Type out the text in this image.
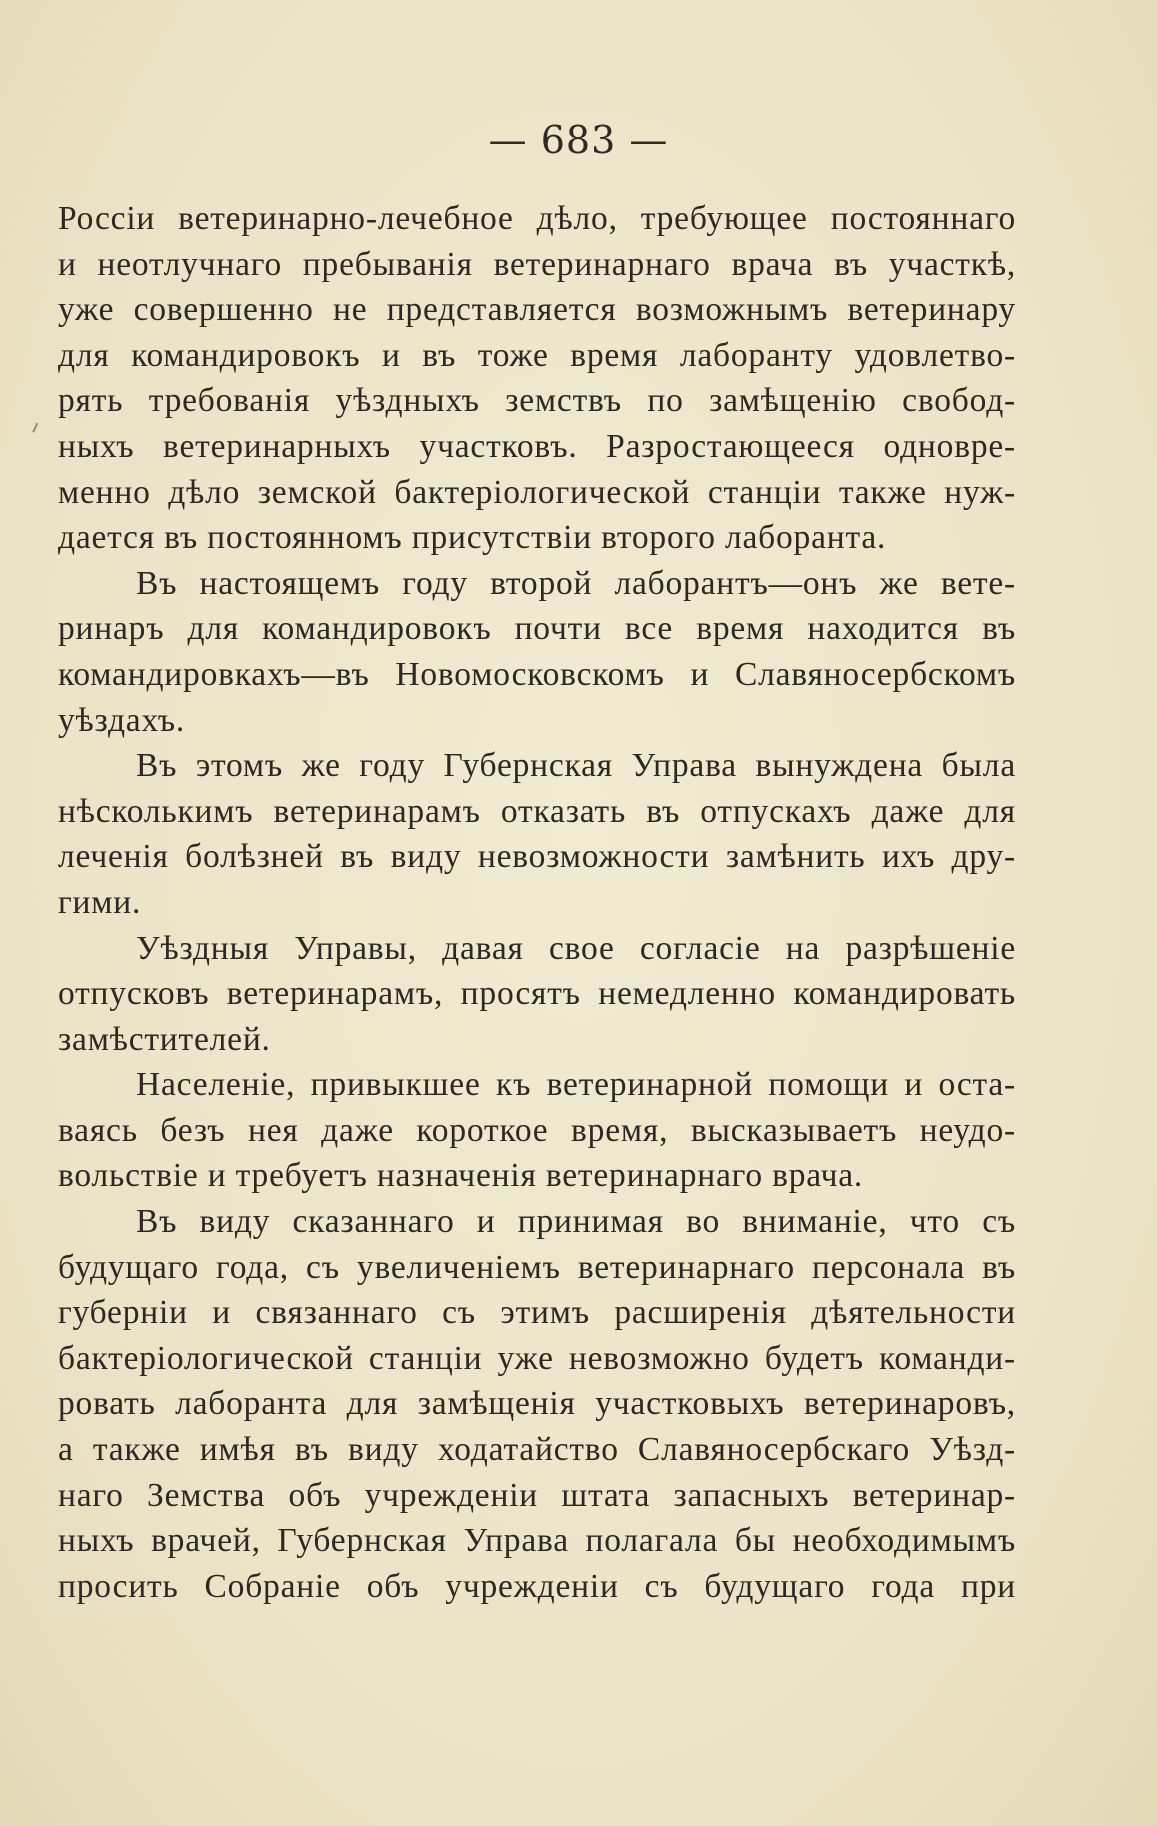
— 683 —
Россіи ветеринарно-лечебное дѣло, требующее постояннаго
и неотлучнаго пребыванія ветеринарнаго врача въ участкѣ,
уже совершенно не представляется возможнымъ ветеринару
для командировокъ и въ тоже время лаборанту удовлетво-
рять требованія уѣздныхъ земствъ по замѣщенію свобод-
ныхъ ветеринарныхъ участковъ. Разростающееся одновре-
менно дѣло земской бактеріологической станціи также нуж-
дается въ постоянномъ присутствіи второго лаборанта.
Въ настоящемъ году второй лаборантъ—онъ же вете-
ринаръ для командировокъ почти все время находится въ
командировкахъ—въ Новомосковскомъ и Славяносербскомъ
уѣздахъ.
Въ этомъ же году Губернская Управа вынуждена была
нѣсколькимъ ветеринарамъ отказать въ отпускахъ даже для
леченія болѣзней въ виду невозможности замѣнить ихъ дру-
гими.
Уѣздныя Управы, давая свое согласіе на разрѣшеніе
отпусковъ ветеринарамъ, просятъ немедленно командировать
замѣстителей.
Населеніе, привыкшее къ ветеринарной помощи и оста-
ваясь безъ нея даже короткое время, высказываетъ неудо-
вольствіе и требуетъ назначенія ветеринарнаго врача.
Въ виду сказаннаго и принимая во вниманіе, что съ
будущаго года, съ увеличеніемъ ветеринарнаго персонала въ
губерніи и связаннаго съ этимъ расширенія дѣятельности
бактеріологической станціи уже невозможно будетъ команди-
ровать лаборанта для замѣщенія участковыхъ ветеринаровъ,
а также имѣя въ виду ходатайство Славяносербскаго Уѣзд-
наго Земства объ учрежденіи штата запасныхъ ветеринар-
ныхъ врачей, Губернская Управа полагала бы необходимымъ
просить Собраніе объ учрежденіи съ будущаго года при
